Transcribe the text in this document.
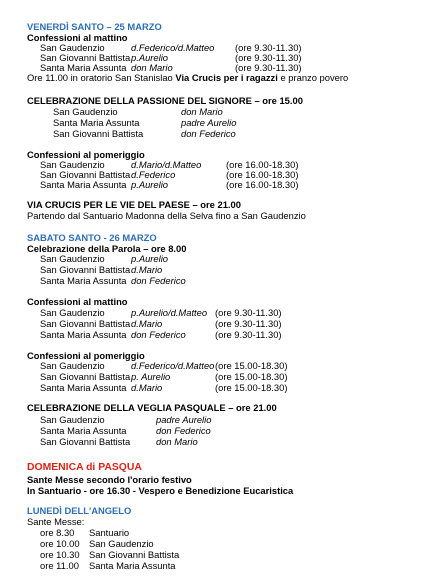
VENERDÌ SANTO – 25 MARZO
Confessioni al mattino
San Gaudenzio	d.Federico/d.Matteo (ore 9.30-11.30)
San Giovanni Battista p.Aurelio	(ore 9.30-11.30)
Santa Maria Assunta don Mario	(ore 9.30-11.30)
Ore 11.00 in oratorio San Stanislao Via Crucis per i ragazzi e pranzo povero
CELEBRAZIONE DELLA PASSIONE DEL SIGNORE – ore 15.00
San Gaudenzio	don Mario
Santa Maria Assunta	padre Aurelio
San Giovanni Battista	don Federico
Confessioni al pomeriggio
San Gaudenzio	d.Mario/d.Matteo	(ore 16.00-18.30)
San Giovanni Battista d.Federico	(ore 16.00-18.30)
Santa Maria Assunta p.Aurelio	(ore 16.00-18.30)
VIA CRUCIS PER LE VIE DEL PAESE – ore 21.00
Partendo dal Santuario Madonna della Selva fino a San Gaudenzio
SABATO SANTO - 26 MARZO
Celebrazione della Parola – ore 8.00
San Gaudenzio	p.Aurelio
San Giovanni Battista d.Mario
Santa Maria Assunta don Federico
Confessioni al mattino
San Gaudenzio	p.Aurelio/d.Matteo (ore 9.30-11.30)
San Giovanni Battista d.Mario	(ore 9.30-11.30)
Santa Maria Assunta don Federico	(ore 9.30-11.30)
Confessioni al pomeriggio
San Gaudenzio	d.Federico/d.Matteo (ore 15.00-18.30)
San Giovanni Battista p. Aurelio	(ore 15.00-18.30)
Santa Maria Assunta d.Mario	(ore 15.00-18.30)
CELEBRAZIONE DELLA VEGLIA PASQUALE – ore 21.00
San Gaudenzio	padre Aurelio
Santa Maria Assunta	don Federico
San Giovanni Battista	don Mario
DOMENICA di PASQUA
Sante Messe secondo l'orario festivo
In Santuario - ore 16.30 - Vespero e Benedizione Eucaristica
LUNEDÌ DELL'ANGELO
Sante Messe:
ore 8.30 Santuario
ore 10.00 San Gaudenzio
ore 10.30 San Giovanni Battista
ore 11.00 Santa Maria Assunta
